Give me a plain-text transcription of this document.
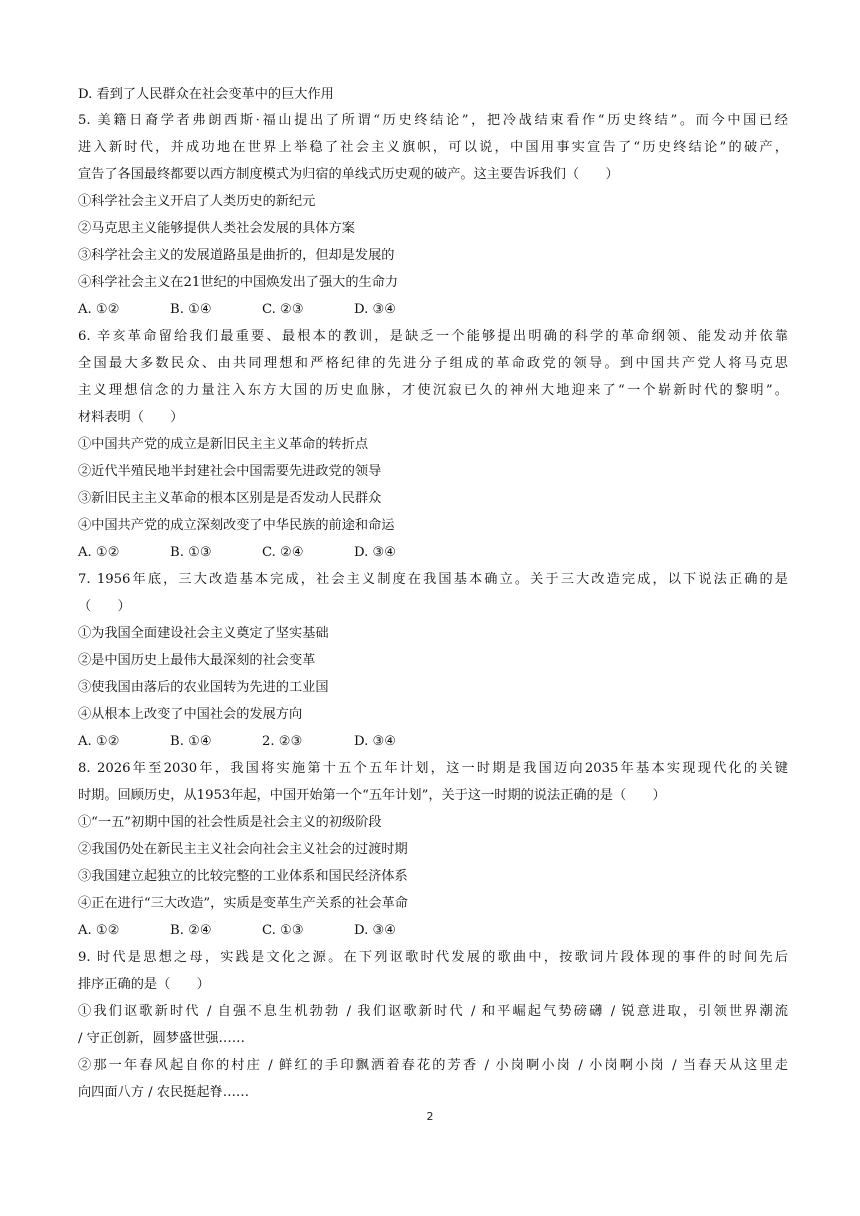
D. 看到了人民群众在社会变革中的巨大作用
5. 美籍日裔学者弗朗西斯·福山提出了所谓“历史终结论”，把冷战结束看作“历史终结”。而今中国已经
进入新时代，并成功地在世界上举稳了社会主义旗帜，可以说，中国用事实宣告了“历史终结论”的破产，
宣告了各国最终都要以西方制度模式为归宿的单线式历史观的破产。这主要告诉我们（　　）
①科学社会主义开启了人类历史的新纪元
②马克思主义能够提供人类社会发展的具体方案
③科学社会主义的发展道路虽是曲折的，但却是发展的
④科学社会主义在21世纪的中国焕发出了强大的生命力
A. ①②	B. ①④	C. ②③	D. ③④
6. 辛亥革命留给我们最重要、最根本的教训，是缺乏一个能够提出明确的科学的革命纲领、能发动并依靠
全国最大多数民众、由共同理想和严格纪律的先进分子组成的革命政党的领导。到中国共产党人将马克思
主义理想信念的力量注入东方大国的历史血脉，才使沉寂已久的神州大地迎来了“一个崭新时代的黎明”。
材料表明（　　）
①中国共产党的成立是新旧民主主义革命的转折点
②近代半殖民地半封建社会中国需要先进政党的领导
③新旧民主主义革命的根本区别是是否发动人民群众
④中国共产党的成立深刻改变了中华民族的前途和命运
A. ①②	B. ①③	C. ②④	D. ③④
7. 1956年底，三大改造基本完成，社会主义制度在我国基本确立。关于三大改造完成，以下说法正确的是
（　　）
①为我国全面建设社会主义奠定了坚实基础
②是中国历史上最伟大最深刻的社会变革
③使我国由落后的农业国转为先进的工业国
④从根本上改变了中国社会的发展方向
A. ①②	B. ①④	2. ②③	D. ③④
8. 2026年至2030年，我国将实施第十五个五年计划，这一时期是我国迈向2035年基本实现现代化的关键
时期。回顾历史，从1953年起，中国开始第一个“五年计划”，关于这一时期的说法正确的是（　　）
①“一五”初期中国的社会性质是社会主义的初级阶段
②我国仍处在新民主主义社会向社会主义社会的过渡时期
③我国建立起独立的比较完整的工业体系和国民经济体系
④正在进行“三大改造”，实质是变革生产关系的社会革命
A. ①②	B. ②④	C. ①③	D. ③④
9. 时代是思想之母，实践是文化之源。在下列讴歌时代发展的歌曲中，按歌词片段体现的事件的时间先后
排序正确的是（　　）
①我们讴歌新时代 / 自强不息生机勃勃 / 我们讴歌新时代 / 和平崛起气势磅礴 / 锐意进取，引领世界潮流
/ 守正创新，圆梦盛世强……
②那一年春风起自你的村庄 / 鲜红的手印飘洒着春花的芳香 / 小岗啊小岗 / 小岗啊小岗 / 当春天从这里走
向四面八方 / 农民挺起脊……
2
